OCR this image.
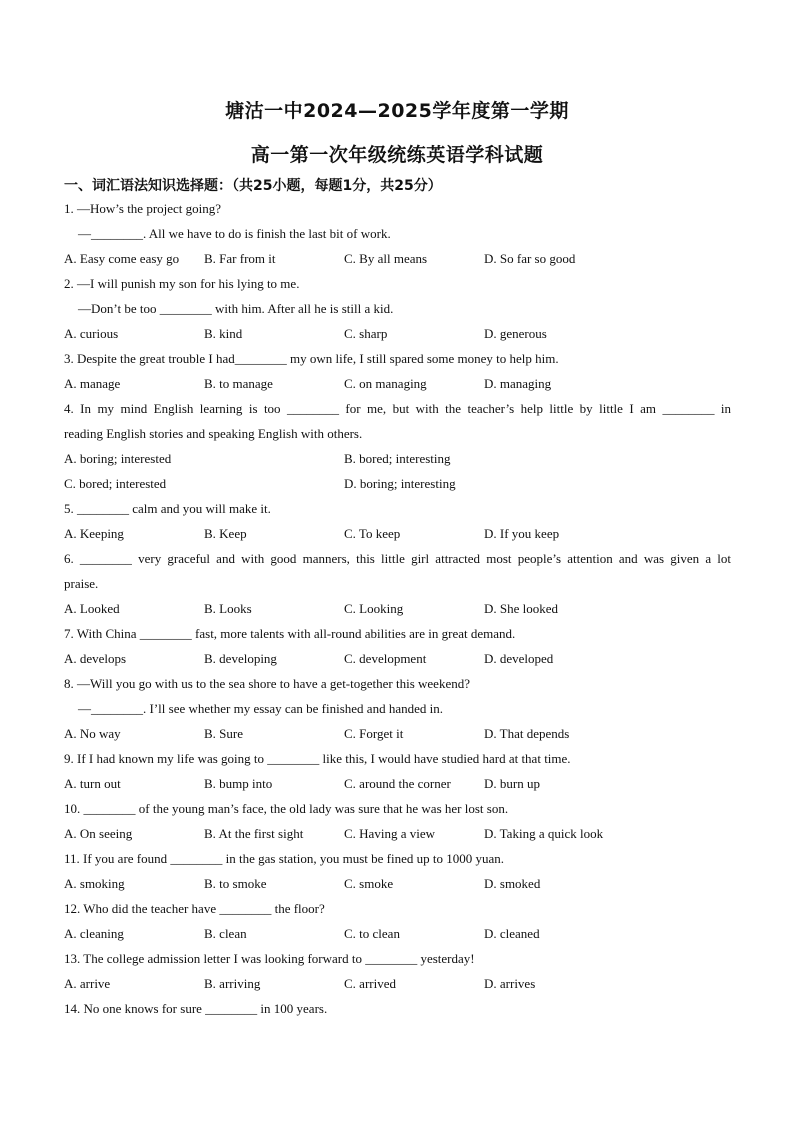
塘沽一中2024—2025学年度第一学期
高一第一次年级统练英语学科试题
一、词汇语法知识选择题：（共25小题，每题1分，共25分）
1. —How’s the project going?
—________. All we have to do is finish the last bit of work.
A. Easy come easy go B. Far from it	C. By all means	D. So far so good
2. —I will punish my son for his lying to me.
—Don’t be too ________ with him. After all he is still a kid.
A. curious	B. kind	C. sharp	D. generous
3. Despite the great trouble I had________ my own life, I still spared some money to help him.
A. manage	B. to manage	C. on managing	D. managing
4. In my mind English learning is too ________ for me, but with the teacher’s help little by little I am ________ in
reading English stories and speaking English with others.
A. boring; interested	B. bored; interesting
C. bored; interested	D. boring; interesting
5. ________ calm and you will make it.
A. Keeping	B. Keep	C. To keep	D. If you keep
6. ________ very graceful and with good manners, this little girl attracted most people’s attention and was given a lot
praise.
A. Looked	B. Looks	C. Looking	D. She looked
7. With China ________ fast, more talents with all-round abilities are in great demand.
A. develops	B. developing	C. development	D. developed
8. —Will you go with us to the sea shore to have a get-together this weekend?
—________. I’ll see whether my essay can be finished and handed in.
A. No way	B. Sure	C. Forget it	D. That depends
9. If I had known my life was going to ________ like this, I would have studied hard at that time.
A. turn out	B. bump into	C. around the corner	D. burn up
10. ________ of the young man’s face, the old lady was sure that he was her lost son.
A. On seeing	B. At the first sight	C. Having a view	D. Taking a quick look
11. If you are found ________ in the gas station, you must be fined up to 1000 yuan.
A. smoking	B. to smoke	C. smoke	D. smoked
12. Who did the teacher have ________ the floor?
A. cleaning	B. clean	C. to clean	D. cleaned
13. The college admission letter I was looking forward to ________ yesterday!
A. arrive	B. arriving	C. arrived	D. arrives
14. No one knows for sure ________ in 100 years.
